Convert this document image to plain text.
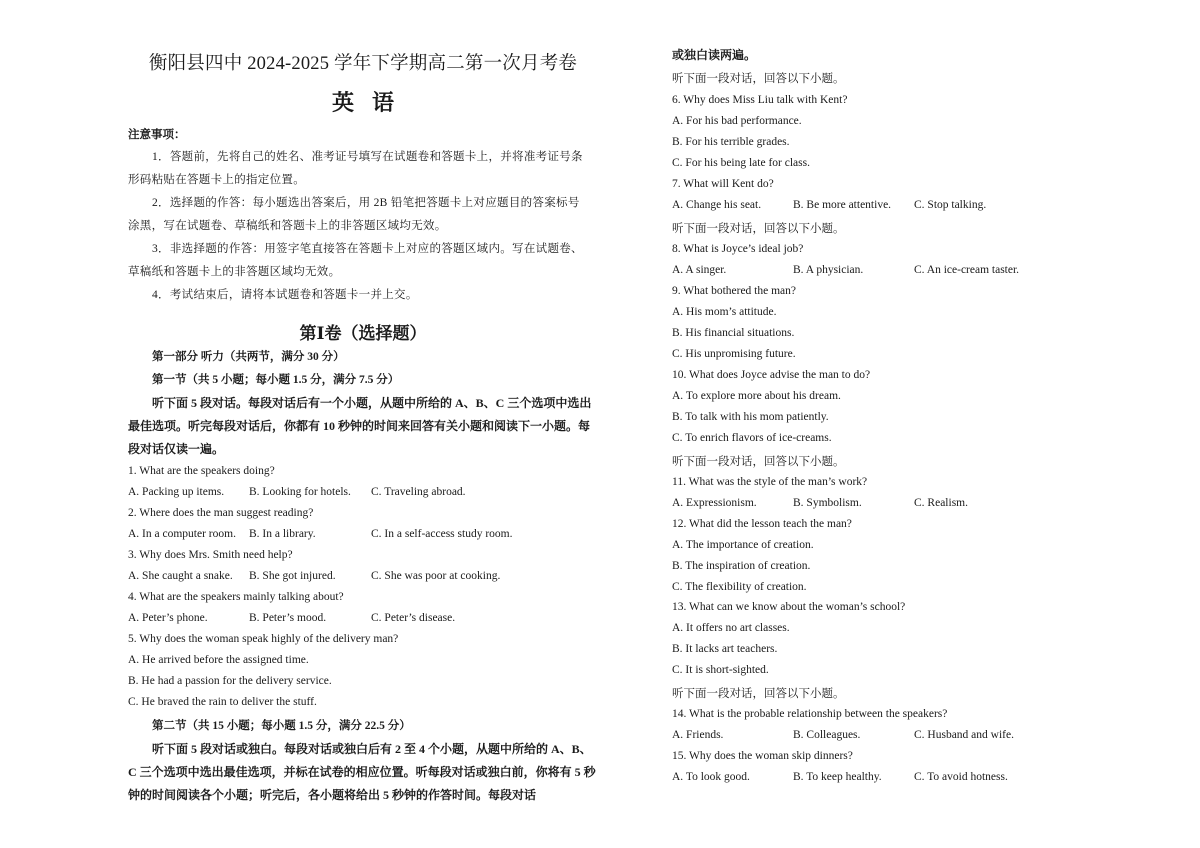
衡阳县四中 2024-2025 学年下学期高二第一次月考卷
英语
注意事项：

1．答题前，先将自己的姓名、准考证号填写在试题卷和答题卡上，并将准考证号条形码粘贴在答题卡上的指定位置。

2．选择题的作答：每小题选出答案后，用 2B 铅笔把答题卡上对应题目的答案标号涂黑，写在试题卷、草稿纸和答题卡上的非答题区域均无效。

3．非选择题的作答：用签字笔直接答在答题卡上对应的答题区域内。写在试题卷、草稿纸和答题卡上的非答题区域均无效。

4．考试结束后，请将本试题卷和答题卡一并上交。

第Ⅰ卷（选择题）
第一部分 听力（共两节，满分 30 分）
第一节（共 5 小题；每小题 1.5 分，满分 7.5 分）

听下面 5 段对话。每段对话后有一个小题，从题中所给的 A、B、C 三个选项中选出最佳选项。听完每段对话后，你都有 10 秒钟的时间来回答有关小题和阅读下一小题。每段对话仅读一遍。

1. What are the speakers doing?
A. Packing up items. B. Looking for hotels. C. Traveling abroad.
2. Where does the man suggest reading?
A. In a computer room. B. In a library.	C. In a self-access study room.
3. Why does Mrs. Smith need help?
A. She caught a snake. B. She got injured.	C. She was poor at cooking.
4. What are the speakers mainly talking about?
A. Peter’s phone.	B. Peter’s mood.	C. Peter’s disease.
5. Why does the woman speak highly of the delivery man?
A. He arrived before the assigned time.
B. He had a passion for the delivery service.
C. He braved the rain to deliver the stuff.
第二节（共 15 小题；每小题 1.5 分，满分 22.5 分）

听下面 5 段对话或独白。每段对话或独白后有 2 至 4 个小题，从题中所给的 A、B、C 三个选项中选出最佳选项，并标在试卷的相应位置。听每段对话或独白前，你将有 5 秒钟的时间阅读各个小题；听完后，各小题将给出 5 秒钟的作答时间。每段对话

或独白读两遍。
听下面一段对话，回答以下小题。
6. Why does Miss Liu talk with Kent?
A. For his bad performance.
B. For his terrible grades.
C. For his being late for class.
7. What will Kent do?
A. Change his seat.	B. Be more attentive. C. Stop talking.
听下面一段对话，回答以下小题。
8. What is Joyce’s ideal job?
A. A singer.	B. A physician.	C. An ice-cream taster.
9. What bothered the man?
A. His mom’s attitude.
B. His financial situations.
C. His unpromising future.
10. What does Joyce advise the man to do?
A. To explore more about his dream.
B. To talk with his mom patiently.
C. To enrich flavors of ice-creams.
听下面一段对话，回答以下小题。
11. What was the style of the man’s work?
A. Expressionism.	B. Symbolism.	C. Realism.
12. What did the lesson teach the man?
A. The importance of creation.
B. The inspiration of creation.
C. The flexibility of creation.
13. What can we know about the woman’s school?
A. It offers no art classes.
B. It lacks art teachers.
C. It is short-sighted.
听下面一段对话，回答以下小题。
14. What is the probable relationship between the speakers?
A. Friends.	B. Colleagues.	C. Husband and wife.
15. Why does the woman skip dinners?
A. To look good.	B. To keep healthy.	C. To avoid hotness.
